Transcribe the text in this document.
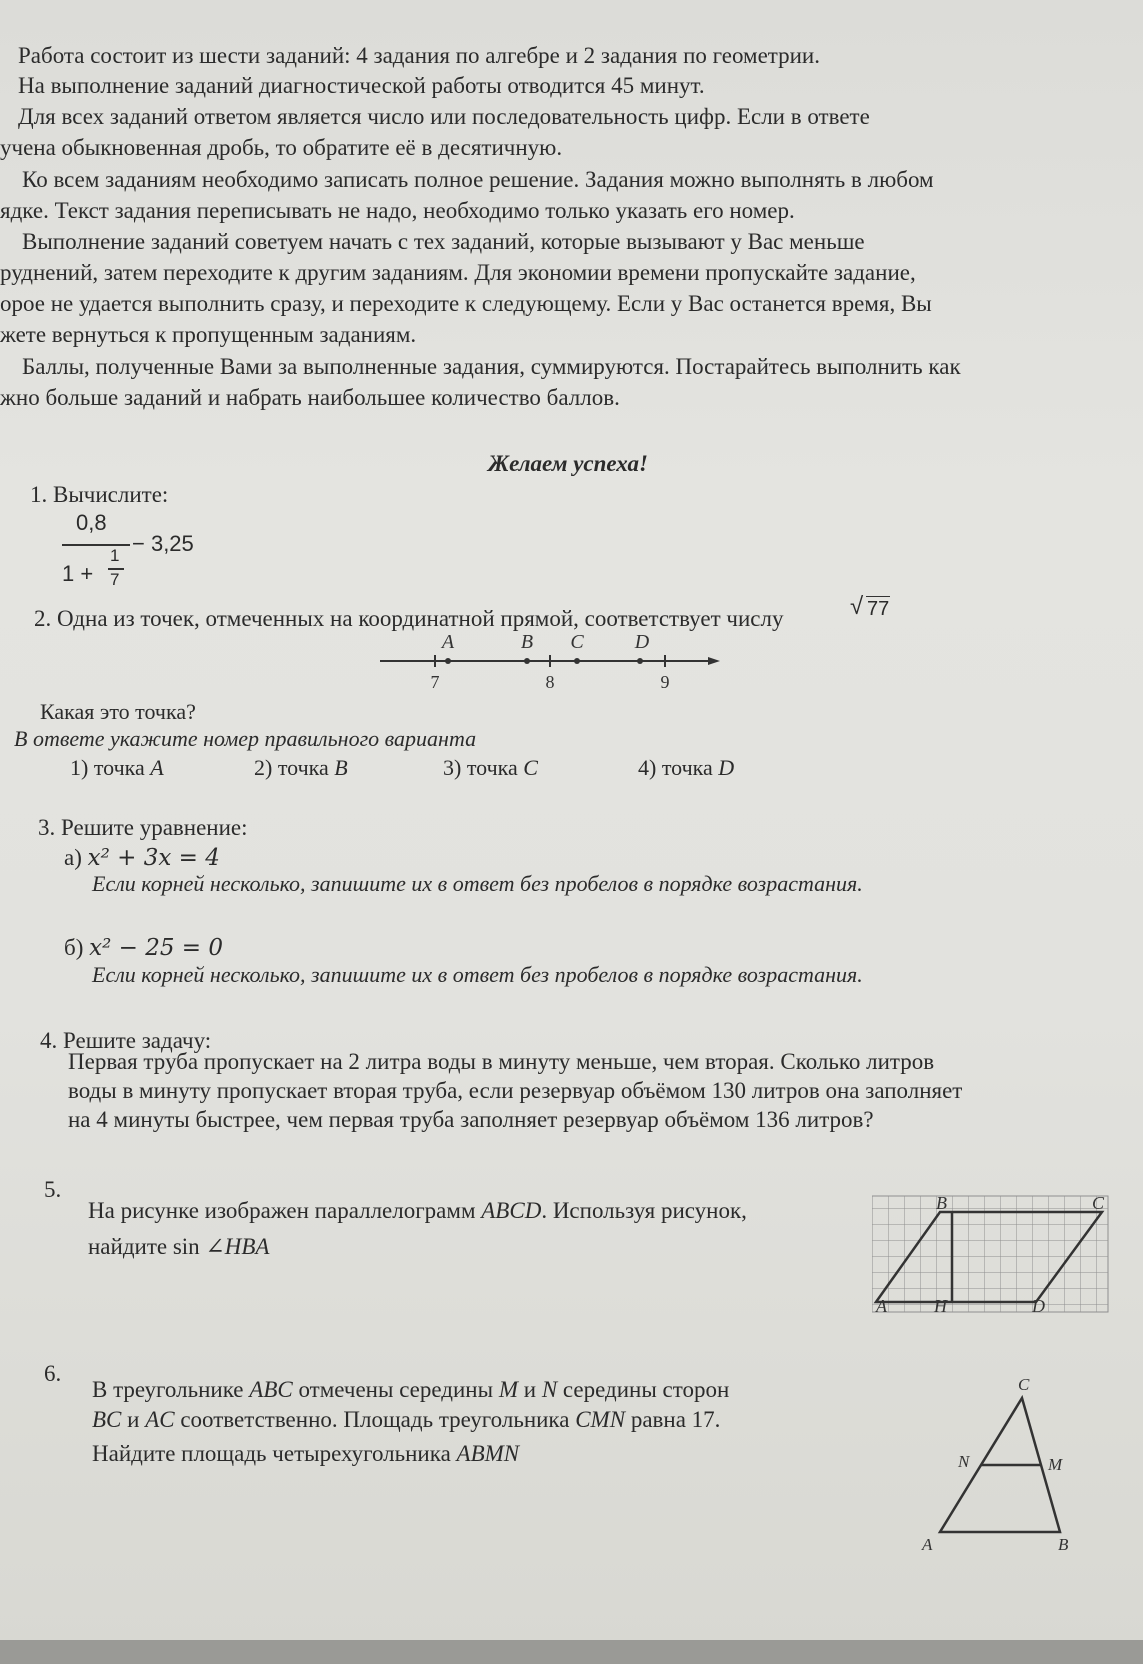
Работа состоит из шести заданий: 4 задания по алгебре и 2 задания по геометрии.
На выполнение заданий диагностической работы отводится 45 минут.
Для всех заданий ответом является число или последовательность цифр. Если в ответе
учена обыкновенная дробь, то обратите её в десятичную.
Ко всем заданиям необходимо записать полное решение. Задания можно выполнять в любом
ядке. Текст задания переписывать не надо, необходимо только указать его номер.
Выполнение заданий советуем начать с тех заданий, которые вызывают у Вас меньше
руднений, затем переходите к другим заданиям. Для экономии времени пропускайте задание,
орое не удается выполнить сразу, и переходите к следующему. Если у Вас останется время, Вы
жете вернуться к пропущенным заданиям.
Баллы, полученные Вами за выполненные задания, суммируются. Постарайтесь выполнить как
жно больше заданий и набрать наибольшее количество баллов.
Желаем успеха!
1. Вычислите:
0,8
1 +
1
7
− 3,25
2. Одна из точек, отмеченных на координатной прямой, соответствует числу	√ 77
A	B C	D
7	8	9
Какая это точка?
В ответе укажите номер правильного варианта
1) точка A	2) точка B	3) точка C	4) точка D
3. Решите уравнение:
а) x² + 3x = 4
Если корней несколько, запишите их в ответ без пробелов в порядке возрастания.
б) x² − 25 = 0
Если корней несколько, запишите их в ответ без пробелов в порядке возрастания.
4. Решите задачу:
Первая труба пропускает на 2 литра воды в минуту меньше, чем вторая. Сколько литров
воды в минуту пропускает вторая труба, если резервуар объёмом 130 литров она заполняет
на 4 минуты быстрее, чем первая труба заполняет резервуар объёмом 136 литров?
5.
На рисунке изображен параллелограмм ABCD. Используя рисунок,
найдите sin ∠HBA
A
B	C
D
H
6.
В треугольнике ABC отмечены середины M и N середины сторон
BC и AC соответственно. Площадь треугольника CMN равна 17.
Найдите площадь четырехугольника ABMN
C
N	M
A	B
